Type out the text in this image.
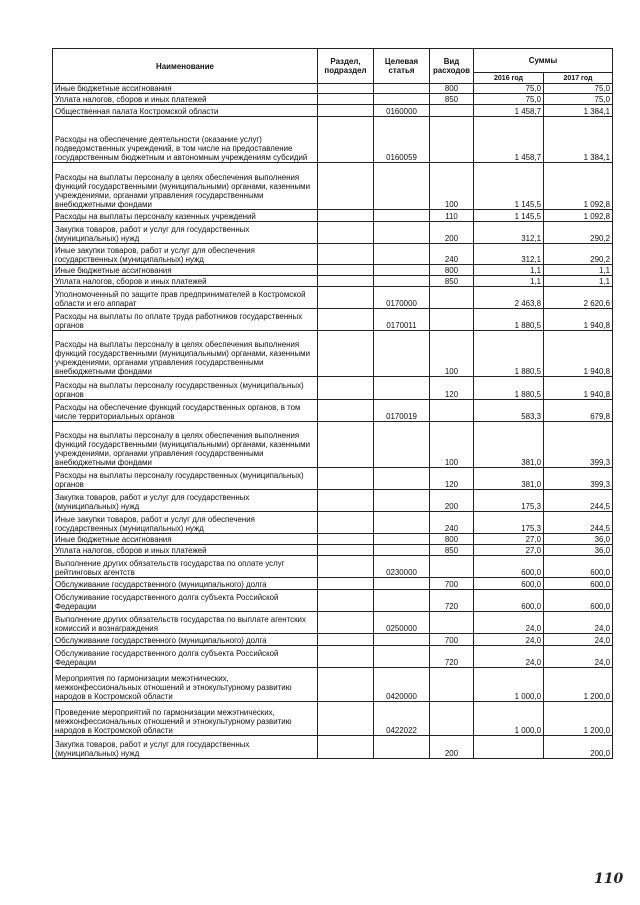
Наименование	Раздел, подраздел	Целевая статья	Вид расходов	Суммы	
				2016 год	2017 год
Иные бюджетные ассигнования			800	75,0	75,0
Уплата налогов, сборов и иных платежей			850	75,0	75,0
Общественная палата Костромской области		0160000		1 458,7	1 384,1
Расходы на обеспечение деятельности (оказание услуг) подведомственных учреждений, в том числе на предоставление государственным бюджетным и автономным учреждениям субсидий		0160059		1 458,7	1 384,1
Расходы на выплаты персоналу в целях обеспечения выполнения функций государственными (муниципальными) органами, казенными учреждениями, органами управления государственными внебюджетными фондами			100	1 145,5	1 092,8
Расходы на выплаты персоналу казенных учреждений			110	1 145,5	1 092,8
Закупка товаров, работ и услуг для государственных (муниципальных) нужд			200	312,1	290,2
Иные закупки товаров, работ и услуг для обеспечения государственных (муниципальных) нужд			240	312,1	290,2
Иные бюджетные ассигнования			800	1,1	1,1
Уплата налогов, сборов и иных платежей			850	1,1	1,1
Уполномоченный по защите прав предпринимателей в Костромской области и его аппарат		0170000		2 463,8	2 620,6
Расходы на выплаты по оплате труда работников государственных органов		0170011		1 880,5	1 940,8
Расходы на выплаты персоналу в целях обеспечения выполнения функций государственными (муниципальными) органами, казенными учреждениями, органами управления государственными внебюджетными фондами			100	1 880,5	1 940,8
Расходы на выплаты персоналу государственных (муниципальных) органов			120	1 880,5	1 940,8
Расходы на обеспечение функций государственных органов, в том числе территориальных органов		0170019		583,3	679,8
Расходы на выплаты персоналу в целях обеспечения выполнения функций государственными (муниципальными) органами, казенными учреждениями, органами управления государственными внебюджетными фондами			100	381,0	399,3
Расходы на выплаты персоналу государственных (муниципальных) органов			120	381,0	399,3
Закупка товаров, работ и услуг для государственных (муниципальных) нужд			200	175,3	244,5
Иные закупки товаров, работ и услуг для обеспечения государственных (муниципальных) нужд			240	175,3	244,5
Иные бюджетные ассигнования			800	27,0	36,0
Уплата налогов, сборов и иных платежей			850	27,0	36,0
Выполнение других обязательств государства по оплате услуг рейтинговых агентств		0230000		600,0	600,0
Обслуживание государственного (муниципального) долга			700	600,0	600,0
Обслуживание государственного долга субъекта Российской Федерации			720	600,0	600,0
Выполнение других обязательств государства по выплате агентских комиссий и вознаграждения		0250000		24,0	24,0
Обслуживание государственного (муниципального) долга			700	24,0	24,0
Обслуживание государственного долга субъекта Российской Федерации			720	24,0	24,0
Мероприятия по гармонизации межэтнических, межконфессиональных отношений и этнокультурному развитию народов в Костромской области		0420000		1 000,0	1 200,0
Проведение мероприятий по гармонизации межэтнических, межконфессиональных отношений и этнокультурному развитию народов в Костромской области		0422022		1 000,0	1 200,0
Закупка товаров, работ и услуг для государственных (муниципальных) нужд			200		200,0
110
